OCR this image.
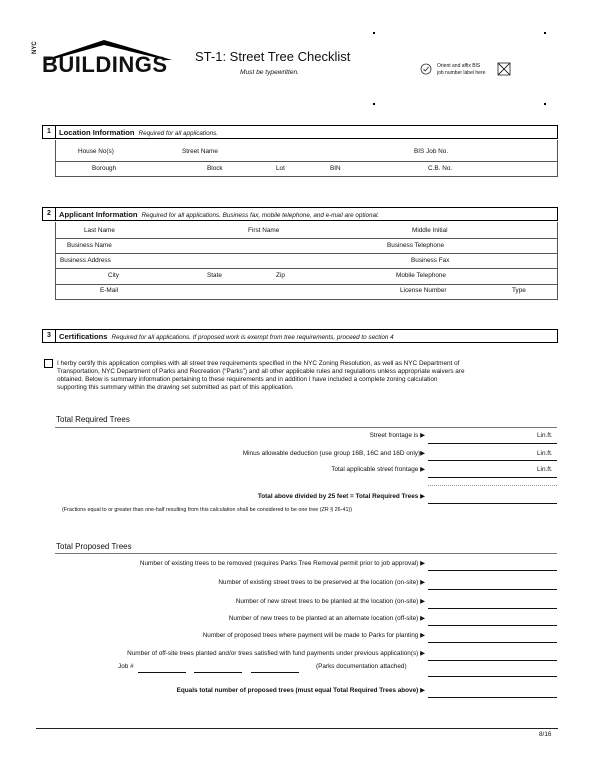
NYC
BUILDINGS ST-1: Street Tree Checklist
Must be typewritten.
Orient and affix BIS
job number label here
1	Location Information Required for all applications.
House No(s)	Street Name	BIS Job No.
Borough	Block	Lot	BIN	C.B. No.
2	Applicant Information Required for all applications. Business fax, mobile telephone, and e-mail are optional.
Last Name	First Name	Middle Initial
Business Name	Business Telephone
Business Address	Business Fax
City	State	Zip	Mobile Telephone
E-Mail	License Number	Type
3	Certifications Required for all applications. If proposed work is exempt from tree requirements, proceed to section 4
I herby certify this application complies with all street tree requirements specified in the NYC Zoning Resolution, as well as NYC Department of
Transportation, NYC Department of Parks and Recreation (“Parks”) and all other applicable rules and regulations unless appropriate waivers are
obtained. Below is summary information pertaining to these requirements and in addition I have included a complete zoning calculation
supporting this summary within the drawing set submitted as part of this application.
Total Required Trees
Street frontage is ▶	Lin.ft.
Minus allowable deduction (use group 16B, 16C and 16D only)▶	Lin.ft.
Total applicable street frontage ▶	Lin.ft.
Total above divided by 25 feet = Total Required Trees ▶
(Fractions equal to or greater than one-half resulting from this calculation shall be considered to be one tree (ZR § 26-41))
Total Proposed Trees
Number of existing trees to be removed (requires Parks Tree Removal permit prior to job approval) ▶
Number of existing street trees to be preserved at the location (on-site) ▶
Number of new street trees to be planted at the location (on-site) ▶
Number of new trees to be planted at an alternate location (off-site) ▶
Number of proposed trees where payment will be made to Parks for planting ▶
Number of off-site trees planted and/or trees satisfied with fund payments under previous application(s) ▶
Job #	(Parks documentation attached)
Equals total number of proposed trees (must equal Total Required Trees above) ▶
8/16
